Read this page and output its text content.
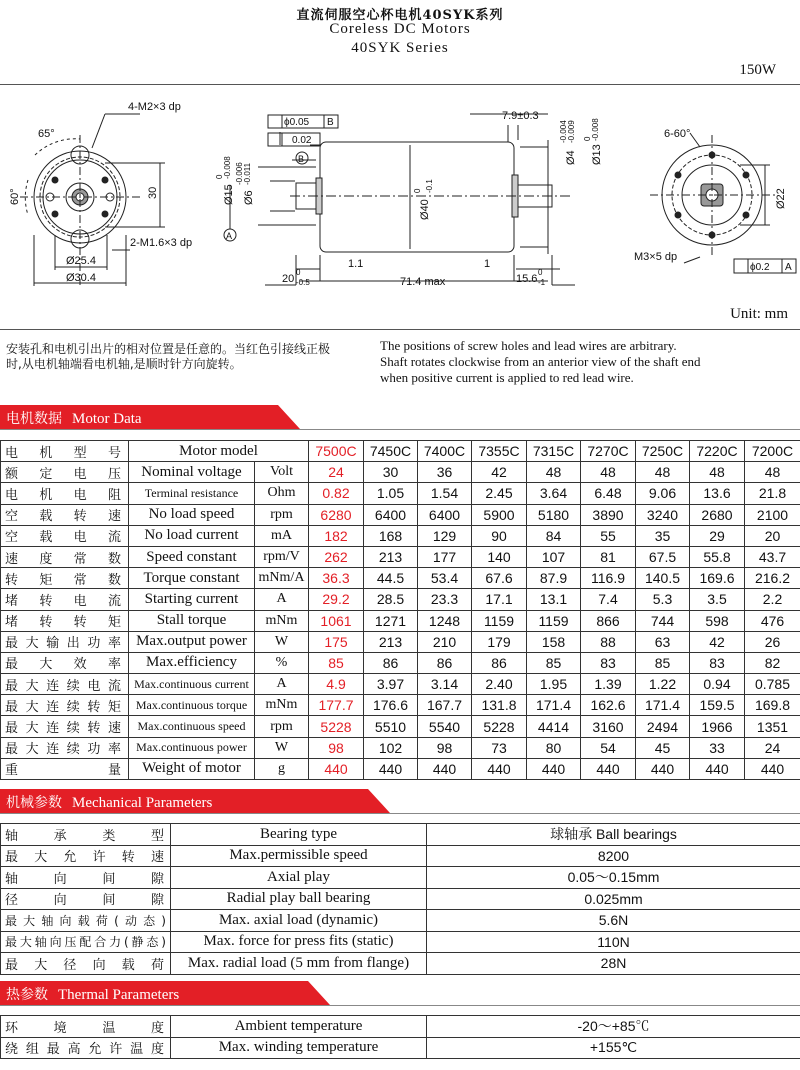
直流伺服空心杯电机40SYK系列
Coreless DC Motors
40SYK Series
150W
4-M2×3 dp
2-M1.6×3 dp
65°
60°	30
Ø25.4
Ø30.4
ϕ0.05 B
0.02
B
A
Ø15
0 -0.008
Ø6
-0.006 -0.011
Ø40
0 -0.1
Ø4
-0.004 -0.009
Ø13
0 -0.008
7.9±0.3
1.1	1
20
0
-0.5	71.4 max	15.6
0
-1
6-60°
Ø22
M3×5 dp
ϕ0.2 A
Unit: mm
安装孔和电机引出片的相对位置是任意的。当红色引接线正极时,从电机轴端看电机轴,是顺时针方向旋转。
The positions of screw holes and lead wires are arbitrary.
Shaft rotates clockwise from an anterior view of the shaft end
when positive current is applied to red lead wire.
电机数据 Motor Data
电机型号	Motor model		7500C	7450C	7400C	7355C	7315C	7270C	7250C	7220C	7200C
额定电压	Nominal voltage	Volt	24	30	36	42	48	48	48	48	48
电机电阻	Terminal resistance	Ohm	0.82	1.05	1.54	2.45	3.64	6.48	9.06	13.6	21.8
空载转速	No load speed	rpm	6280	6400	6400	5900	5180	3890	3240	2680	2100
空载电流	No load current	mA	182	168	129	90	84	55	35	29	20
速度常数	Speed constant	rpm/V	262	213	177	140	107	81	67.5	55.8	43.7
转矩常数	Torque constant	mNm/A	36.3	44.5	53.4	67.6	87.9	116.9	140.5	169.6	216.2
堵转电流	Starting current	A	29.2	28.5	23.3	17.1	13.1	7.4	5.3	3.5	2.2
堵转转矩	Stall torque	mNm	1061	1271	1248	1159	1159	866	744	598	476
最大输出功率	Max.output power	W	175	213	210	179	158	88	63	42	26
最大效率	Max.efficiency	%	85	86	86	86	85	83	85	83	82
最大连续电流	Max.continuous current	A	4.9	3.97	3.14	2.40	1.95	1.39	1.22	0.94	0.785
最大连续转矩	Max.continuous torque	mNm	177.7	176.6	167.7	131.8	171.4	162.6	171.4	159.5	169.8
最大连续转速	Max.continuous speed	rpm	5228	5510	5540	5228	4414	3160	2494	1966	1351
最大连续功率	Max.continuous power	W	98	102	98	73	80	54	45	33	24
重量	Weight of motor	g	440	440	440	440	440	440	440	440	440
机械参数 Mechanical Parameters
轴承类型	Bearing type	球轴承 Ball bearings
最大允许转速	Max.permissible speed	8200
轴向间隙	Axial play	0.05～0.15mm
径向间隙	Radial play ball bearing	0.025mm
最大轴向载荷(动态)	Max. axial load (dynamic)	5.6N
最大轴向压配合力(静态)	Max. force for press fits (static)	110N
最大径向载荷	Max. radial load (5 mm from flange)	28N
热参数 Thermal Parameters
环境温度	Ambient temperature	-20～+85℃
绕组最高允许温度	Max. winding temperature	+155℃
